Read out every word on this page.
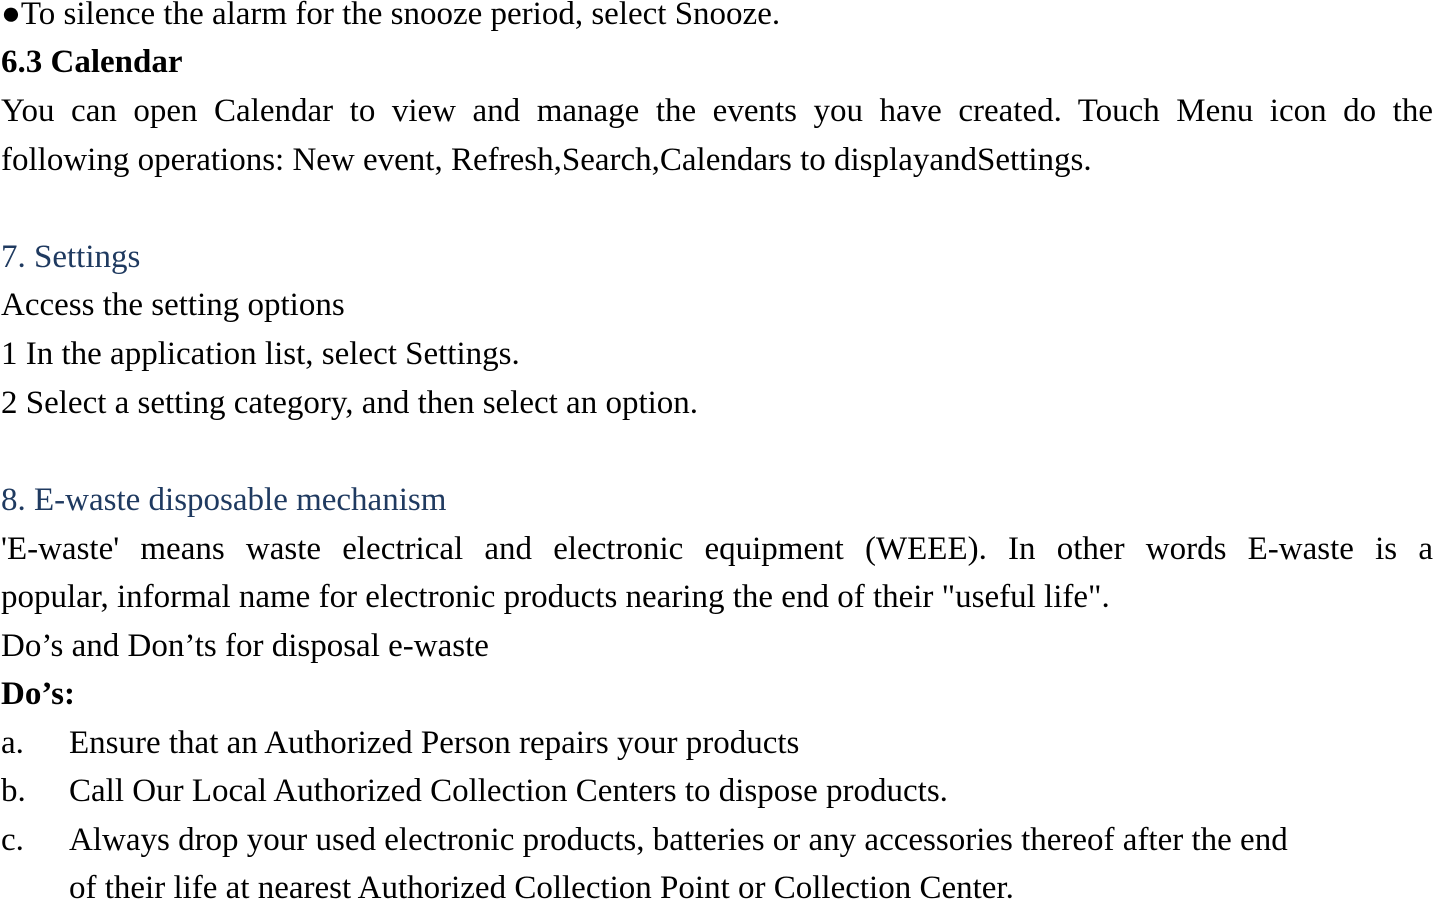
●To silence the alarm for the snooze period, select Snooze.
6.3 Calendar
You can open Calendar to view and manage the events you have created. Touch Menu icon do the
following operations: New event, Refresh,Search,Calendars to displayandSettings.
7. Settings
Access the setting options
1 In the application list, select Settings.
2 Select a setting category, and then select an option.
8. E-waste disposable mechanism
'E-waste' means waste electrical and electronic equipment (WEEE). In other words E-waste is a
popular, informal name for electronic products nearing the end of their "useful life".
Do’s and Don’ts for disposal e-waste
Do’s:
a. Ensure that an Authorized Person repairs your products
b. Call Our Local Authorized Collection Centers to dispose products.
c. Always drop your used electronic products, batteries or any accessories thereof after the end
of their life at nearest Authorized Collection Point or Collection Center.
